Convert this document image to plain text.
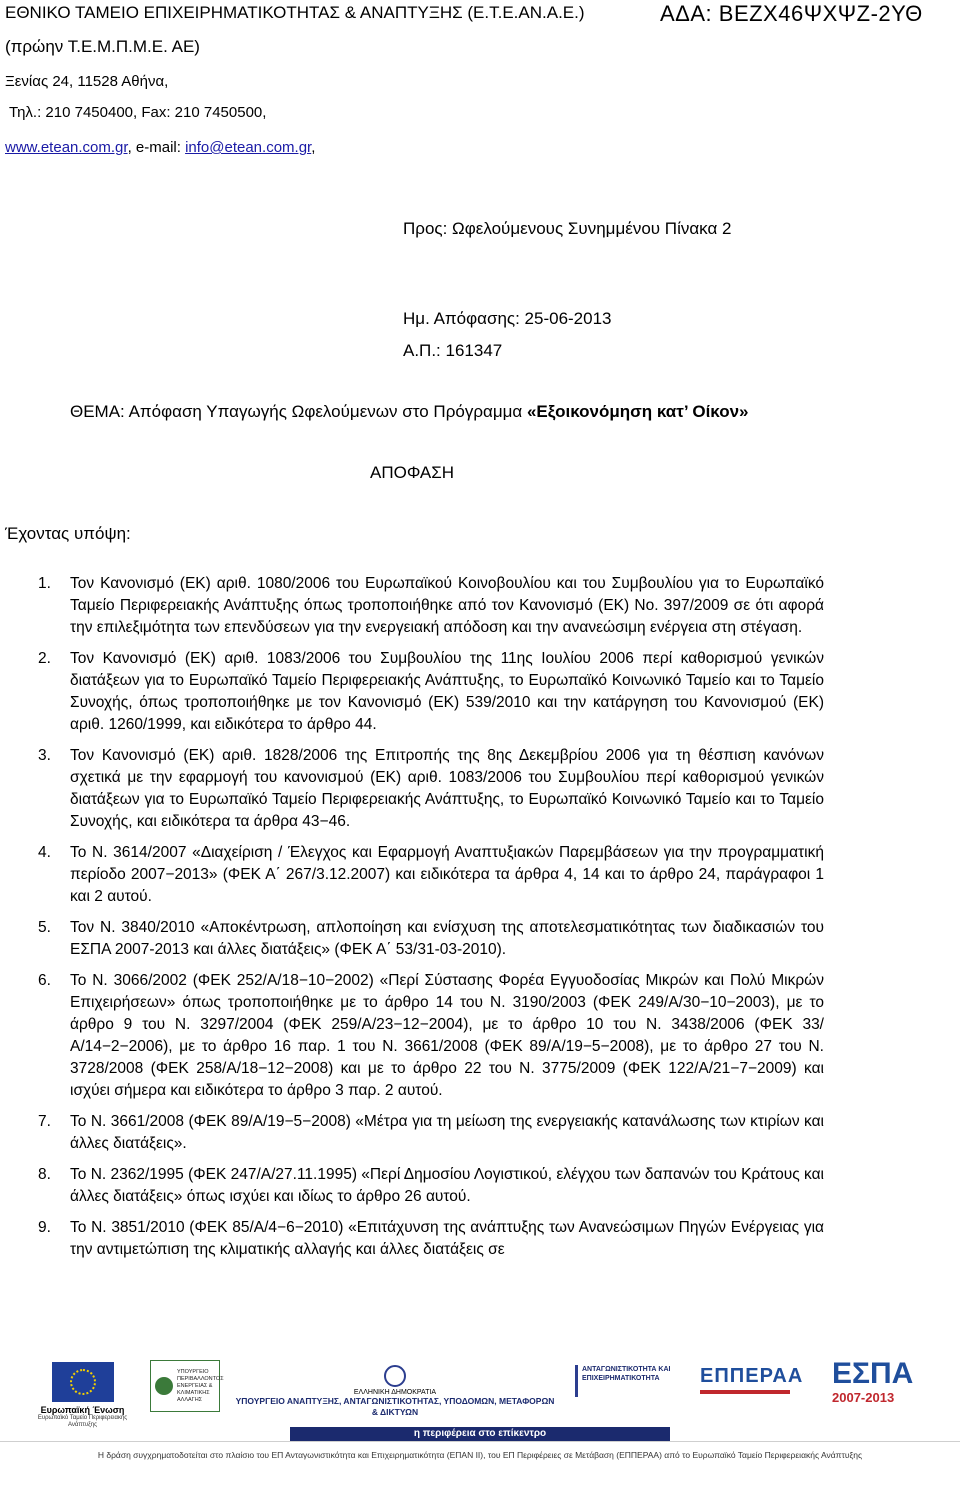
ΕΘΝΙΚΟ ΤΑΜΕΙΟ ΕΠΙΧΕΙΡΗΜΑΤΙΚΟΤΗΤΑΣ & ΑΝΑΠΤΥΞΗΣ (Ε.Τ.Ε.ΑΝ.Α.Ε.)	ΑΔΑ: ΒΕΖΧ46ΨΧΨΖ-2ΥΘ
(πρώην Τ.Ε.Μ.Π.Μ.Ε. ΑΕ)
Ξενίας 24, 11528 Αθήνα,
Τηλ.: 210 7450400, Fax: 210 7450500,
www.etean.com.gr, e-mail: info@etean.com.gr,
Προς: Ωφελούμενους Συνημμένου Πίνακα 2
Ημ. Απόφασης: 25-06-2013
Α.Π.: 161347
ΘΕΜΑ: Απόφαση Υπαγωγής Ωφελούμενων στο Πρόγραμμα «Εξοικονόμηση κατ’ Οίκον»
ΑΠΟΦΑΣΗ
Έχοντας υπόψη:
1.	Τον Κανονισμό (ΕΚ) αριθ. 1080/2006 του Ευρωπαϊκού Κοινοβουλίου και του Συμβουλίου για το Ευρωπαϊκό Ταμείο Περιφερειακής Ανάπτυξης όπως τροποποιήθηκε από τον Κανονισμό (ΕΚ) Νο. 397/2009 σε ότι αφορά την επιλεξιμότητα των επενδύσεων για την ενεργειακή απόδοση και την ανανεώσιμη ενέργεια στη στέγαση.
2.	Τον Κανονισμό (ΕΚ) αριθ. 1083/2006 του Συμβουλίου της 11ης Ιουλίου 2006 περί καθορισμού γενικών διατάξεων για το Ευρωπαϊκό Ταμείο Περιφερειακής Ανάπτυξης, το Ευρωπαϊκό Κοινωνικό Ταμείο και το Ταμείο Συνοχής, όπως τροποποιήθηκε με τον Κανονισμό (ΕΚ) 539/2010 και την κατάργηση του Κανονισμού (ΕΚ) αριθ. 1260/1999, και ειδικότερα το άρθρο 44.
3.	Τον Κανονισμό (ΕΚ) αριθ. 1828/2006 της Επιτροπής της 8ης Δεκεμβρίου 2006 για τη θέσπιση κανόνων σχετικά με την εφαρμογή του κανονισμού (ΕΚ) αριθ. 1083/2006 του Συμβουλίου περί καθορισμού γενικών διατάξεων για το Ευρωπαϊκό Ταμείο Περιφερειακής Ανάπτυξης, το Ευρωπαϊκό Κοινωνικό Ταμείο και το Ταμείο Συνοχής, και ειδικότερα τα άρθρα 43−46.
4.	Το Ν. 3614/2007 «Διαχείριση / Έλεγχος και Εφαρμογή Αναπτυξιακών Παρεμβάσεων για την προγραμματική περίοδο 2007−2013» (ΦΕΚ Α΄ 267/3.12.2007) και ειδικότερα τα άρθρα 4, 14 και το άρθρο 24, παράγραφοι 1 και 2 αυτού.
5.	Τον Ν. 3840/2010 «Αποκέντρωση, απλοποίηση και ενίσχυση της αποτελεσματικότητας των διαδικασιών του ΕΣΠΑ 2007-2013 και άλλες διατάξεις» (ΦΕΚ Α΄ 53/31-03-2010).
6.	Το Ν. 3066/2002 (ΦΕΚ 252/Α/18−10−2002) «Περί Σύστασης Φορέα Εγγυοδοσίας Μικρών και Πολύ Μικρών Επιχειρήσεων» όπως τροποποιήθηκε με το άρθρο 14 του Ν. 3190/2003 (ΦΕΚ 249/Α/30−10−2003), με το άρθρο 9 του Ν. 3297/2004 (ΦΕΚ 259/Α/23−12−2004), με το άρθρο 10 του Ν. 3438/2006 (ΦΕΚ 33/Α/14−2−2006), με το άρθρο 16 παρ. 1 του Ν. 3661/2008 (ΦΕΚ 89/Α/19−5−2008), με το άρθρο 27 του Ν. 3728/2008 (ΦΕΚ 258/Α/18−12−2008) και με το άρθρο 22 του Ν. 3775/2009 (ΦΕΚ 122/Α/21−7−2009) και ισχύει σήμερα και ειδικότερα το άρθρο 3 παρ. 2 αυτού.
7.	Το Ν. 3661/2008 (ΦΕΚ 89/Α/19−5−2008) «Μέτρα για τη μείωση της ενεργειακής κατανάλωσης των κτιρίων και άλλες διατάξεις».
8.	Το Ν. 2362/1995 (ΦΕΚ 247/Α/27.11.1995) «Περί Δημοσίου Λογιστικού, ελέγχου των δαπανών του Κράτους και άλλες διατάξεις» όπως ισχύει και ιδίως το άρθρο 26 αυτού.
9.	Το Ν. 3851/2010 (ΦΕΚ 85/Α/4−6−2010) «Επιτάχυνση της ανάπτυξης των Ανανεώσιμων Πηγών Ενέργειας για την αντιμετώπιση της κλιματικής αλλαγής και άλλες διατάξεις σε
Ευρωπαϊκή Ένωση
Ευρωπαϊκό Ταμείο Περιφερειακής Ανάπτυξης
ΥΠΟΥΡΓΕΙΟ ΠΕΡΙΒΑΛΛΟΝΤΟΣ ΕΝΕΡΓΕΙΑΣ & ΚΛΙΜΑΤΙΚΗΣ ΑΛΛΑΓΗΣ
ΕΛΛΗΝΙΚΗ ΔΗΜΟΚΡΑΤΙΑ
ΥΠΟΥΡΓΕΙΟ ΑΝΑΠΤΥΞΗΣ, ΑΝΤΑΓΩΝΙΣΤΙΚΟΤΗΤΑΣ, ΥΠΟΔΟΜΩΝ, ΜΕΤΑΦΟΡΩΝ & ΔΙΚΤΥΩΝ
ΑΝΤΑΓΩΝΙΣΤΙΚΟΤΗΤΑ ΚΑΙ ΕΠΙΧΕΙΡΗΜΑΤΙΚΟΤΗΤΑ	ΕΠΠΕΡΑΑ ΕΣΠΑ
2007-2013
η περιφέρεια στο επίκεντρο
Η δράση συγχρηματοδοτείται στο πλαίσιο του ΕΠ Ανταγωνιστικότητα και Επιχειρηματικότητα (ΕΠΑΝ ΙΙ), του ΕΠ Περιφέρειες σε Μετάβαση (ΕΠΠΕΡΑΑ) από το Ευρωπαϊκό Ταμείο Περιφερειακής Ανάπτυξης
